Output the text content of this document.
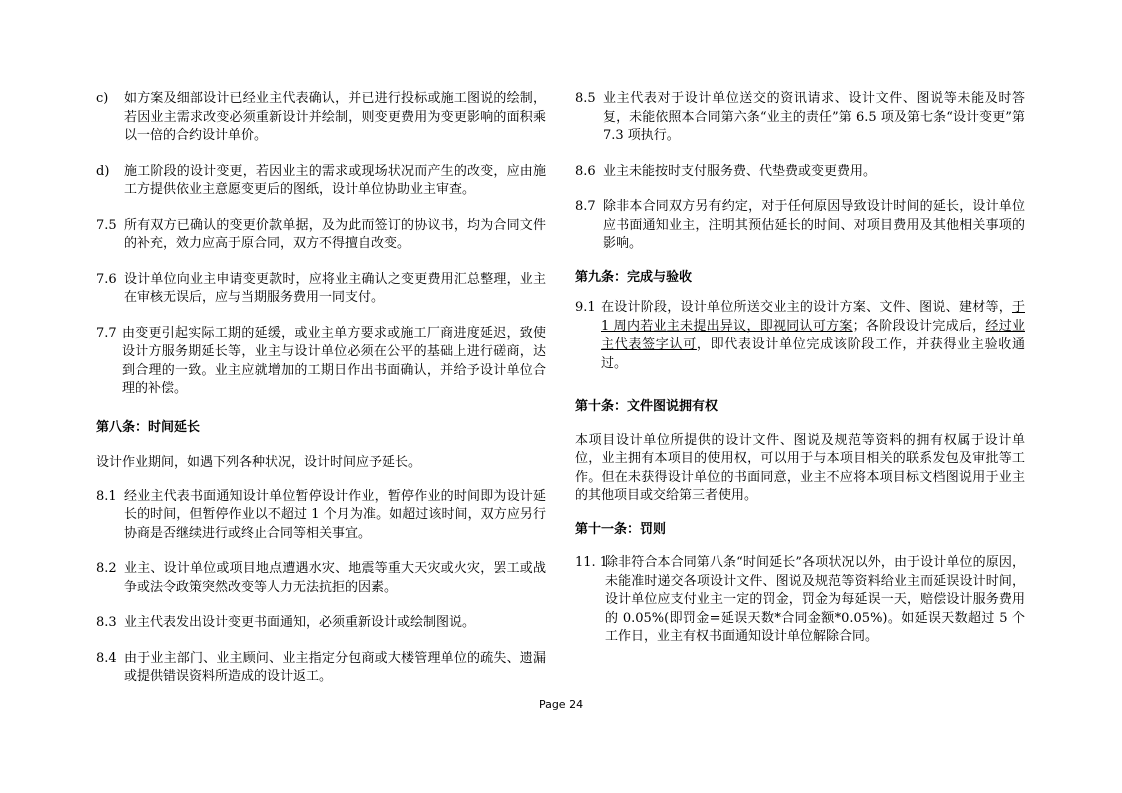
c)	如方案及细部设计已经业主代表确认，并已进行投标或施工图说的绘制，若因业主需求改变必须重新设计并绘制，则变更费用为变更影响的面积乘以一倍的合约设计单价。
d)	施工阶段的设计变更，若因业主的需求或现场状况而产生的改变，应由施工方提供依业主意愿变更后的图纸，设计单位协助业主审查。
7.5 所有双方已确认的变更价款单据，及为此而签订的协议书，均为合同文件的补充，效力应高于原合同，双方不得擅自改变。
7.6 设计单位向业主申请变更款时，应将业主确认之变更费用汇总整理，业主在审核无误后，应与当期服务费用一同支付。
7.7 由变更引起实际工期的延缓，或业主单方要求或施工厂商进度延迟，致使设计方服务期延长等，业主与设计单位必须在公平的基础上进行磋商，达到合理的一致。业主应就增加的工期日作出书面确认，并给予设计单位合理的补偿。
第八条：时间延长
设计作业期间，如遇下列各种状况，设计时间应予延长。
8.1 经业主代表书面通知设计单位暂停设计作业，暂停作业的时间即为设计延长的时间，但暂停作业以不超过 1 个月为准。如超过该时间，双方应另行协商是否继续进行或终止合同等相关事宜。
8.2 业主、设计单位或项目地点遭遇水灾、地震等重大天灾或火灾，罢工或战争或法令政策突然改变等人力无法抗拒的因素。
8.3 业主代表发出设计变更书面通知，必须重新设计或绘制图说。
8.4 由于业主部门、业主顾问、业主指定分包商或大楼管理单位的疏失、遗漏或提供错误资料所造成的设计返工。
8.5 业主代表对于设计单位送交的资讯请求、设计文件、图说等未能及时答复，未能依照本合同第六条“业主的责任”第 6.5 项及第七条“设计变更”第 7.3 项执行。
8.6 业主未能按时支付服务费、代垫费或变更费用。
8.7 除非本合同双方另有约定，对于任何原因导致设计时间的延长，设计单位应书面通知业主，注明其预估延长的时间、对项目费用及其他相关事项的影响。
第九条：完成与验收
9.1 在设计阶段，设计单位所送交业主的设计方案、文件、图说、建材等，于 1 周内若业主未提出异议，即视同认可方案；各阶段设计完成后，经过业主代表签字认可，即代表设计单位完成该阶段工作，并获得业主验收通过。
第十条：文件图说拥有权
本项目设计单位所提供的设计文件、图说及规范等资料的拥有权属于设计单位，业主拥有本项目的使用权，可以用于与本项目相关的联系发包及审批等工作。但在未获得设计单位的书面同意，业主不应将本项目标文档图说用于业主的其他项目或交给第三者使用。
第十一条：罚则
11. 1
除非符合本合同第八条“时间延长”各项状况以外，由于设计单位的原因，未能准时递交各项设计文件、图说及规范等资料给业主而延误设计时间，设计单位应支付业主一定的罚金，罚金为每延误一天，赔偿设计服务费用的 0.05%(即罚金=延误天数*合同金额*0.05%)。如延误天数超过 5 个工作日，业主有权书面通知设计单位解除合同。
Page 24
